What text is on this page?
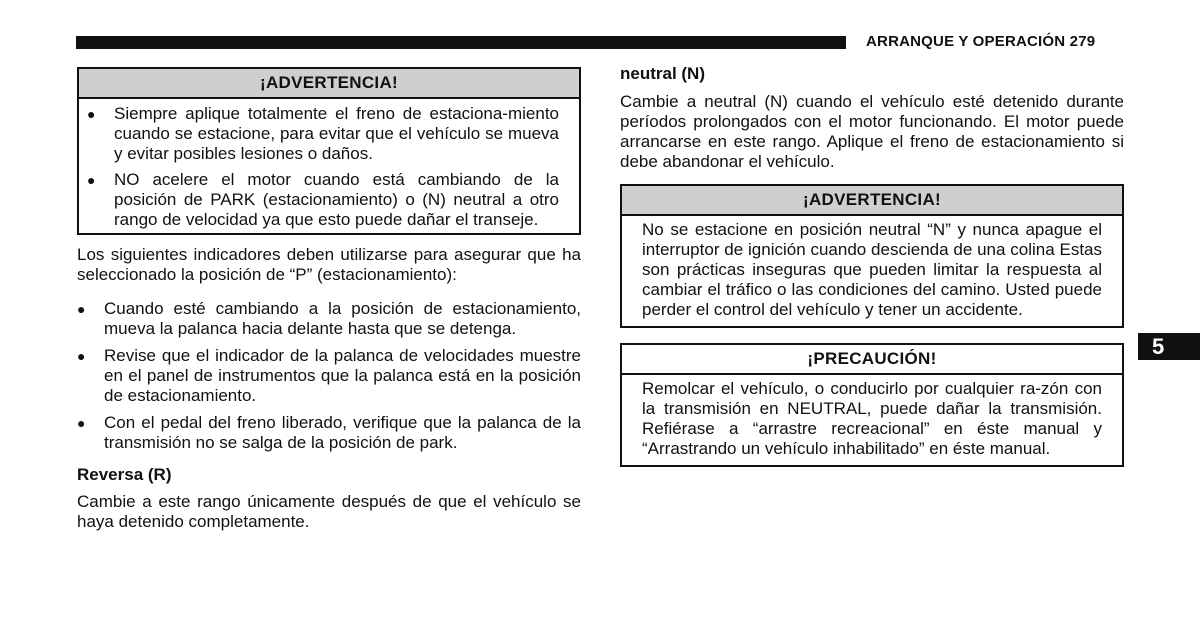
ARRANQUE Y OPERACIÓN 279
¡ADVERTENCIA!
●	Siempre aplique totalmente el freno de estaciona-miento cuando se estacione, para evitar que el vehículo se mueva y evitar posibles lesiones o daños.
●	NO acelere el motor cuando está cambiando de la posición de PARK (estacionamiento) o (N) neutral a otro rango de velocidad ya que esto puede dañar el transeje.

Los siguientes indicadores deben utilizarse para asegurar que ha seleccionado la posición de “P” (estacionamiento):

●	Cuando esté cambiando a la posición de estacionamiento, mueva la palanca hacia delante hasta que se detenga.
●	Revise que el indicador de la palanca de velocidades muestre en el panel de instrumentos que la palanca está en la posición de estacionamiento.
●	Con el pedal del freno liberado, verifique que la palanca de la transmisión no se salga de la posición de park.

Reversa (R)

Cambie a este rango únicamente después de que el vehículo se haya detenido completamente.

neutral (N)

Cambie a neutral (N) cuando el vehículo esté detenido durante períodos prolongados con el motor funcionando. El motor puede arrancarse en este rango. Aplique el freno de estacionamiento si debe abandonar el vehículo.

¡ADVERTENCIA!
No se estacione en posición neutral “N” y nunca apague el interruptor de ignición cuando descienda de una colina Estas son prácticas inseguras que pueden limitar la respuesta al cambiar el tráfico o las condiciones del camino. Usted puede perder el control del vehículo y tener un accidente.
¡PRECAUCIÓN!
Remolcar el vehículo, o conducirlo por cualquier ra-zón con la transmisión en NEUTRAL, puede dañar la transmisión. Refiérase a “arrastre recreacional” en éste manual y “Arrastrando un vehículo inhabilitado” en éste manual.
5
